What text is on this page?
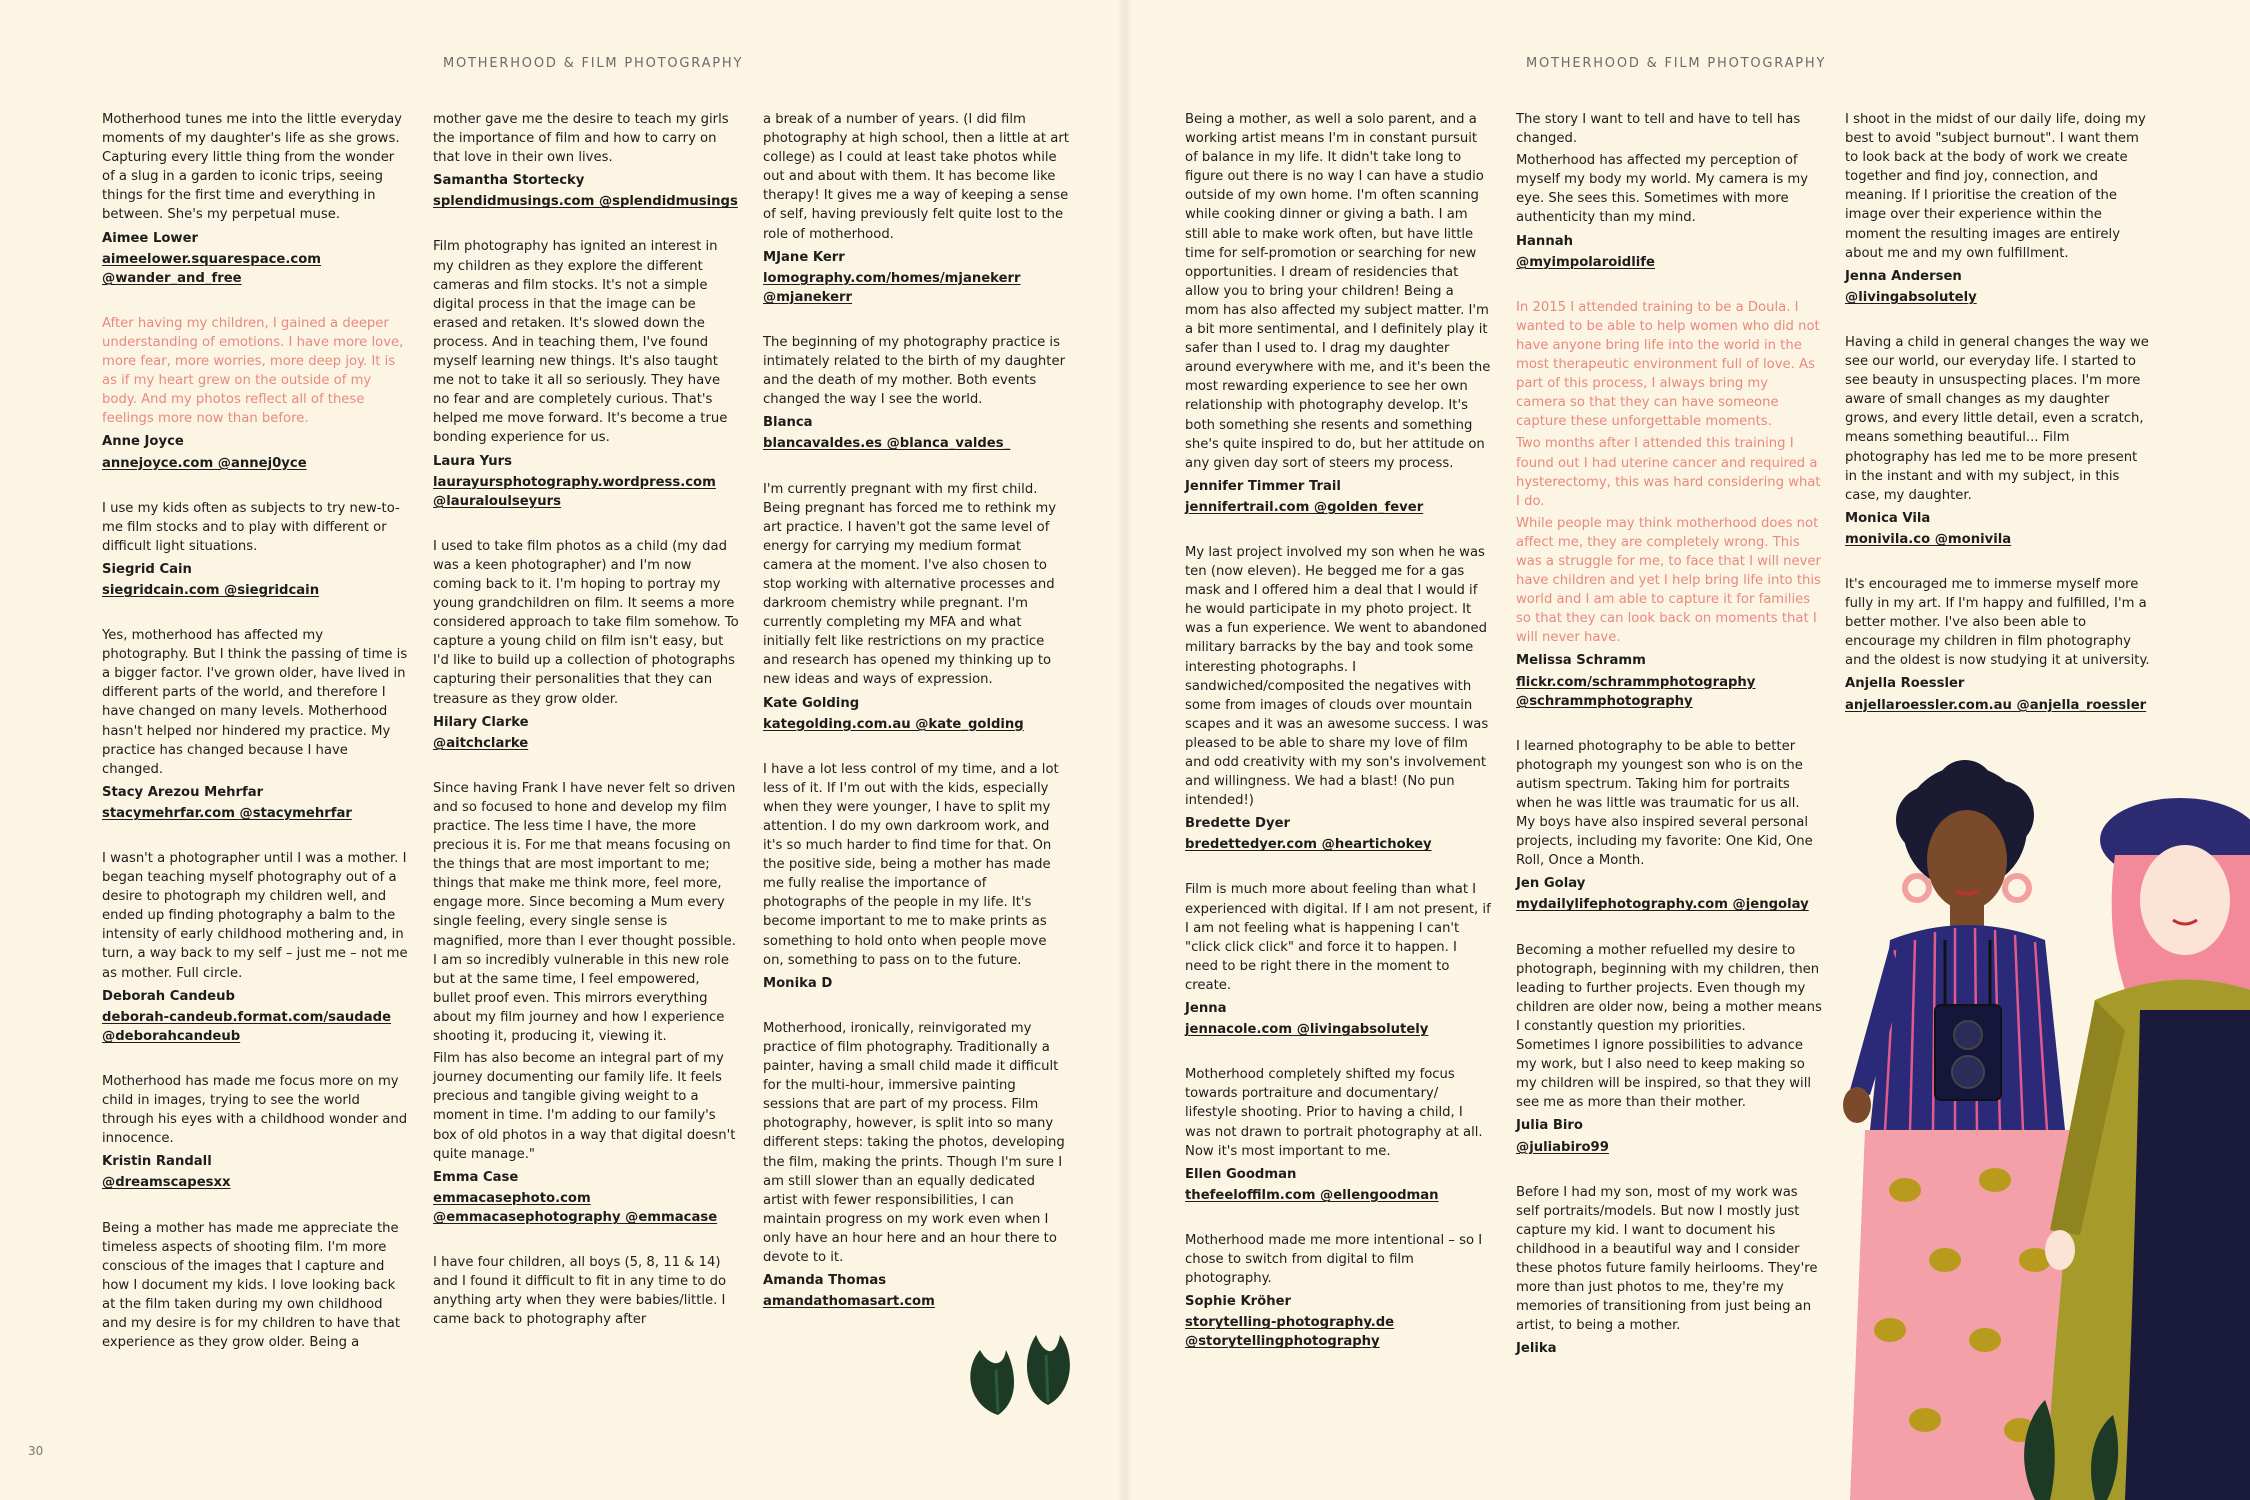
MOTHERHOOD & FILM PHOTOGRAPHY	MOTHERHOOD & FILM PHOTOGRAPHY
30

Motherhood tunes me into the little everyday moments of my daughter's life as she grows. Capturing every little thing from the wonder of a slug in a garden to iconic trips, seeing things for the first time and everything in between. She's my perpetual muse.

Aimee Lower
aimeelower.squarespace.com
@wander_and_free

After having my children, I gained a deeper understanding of emotions. I have more love, more fear, more worries, more deep joy. It is as if my heart grew on the outside of my body. And my photos reflect all of these feelings more now than before.

Anne Joyce
annejoyce.com @annej0yce

I use my kids often as subjects to try new-to-me film stocks and to play with different or difficult light situations.

Siegrid Cain
siegridcain.com @siegridcain

Yes, motherhood has affected my photography. But I think the passing of time is a bigger factor. I've grown older, have lived in different parts of the world, and therefore I have changed on many levels. Motherhood hasn't helped nor hindered my practice. My practice has changed because I have changed.

Stacy Arezou Mehrfar
stacymehrfar.com @stacymehrfar

I wasn't a photographer until I was a mother. I began teaching myself photography out of a desire to photograph my children well, and ended up finding photography a balm to the intensity of early childhood mothering and, in turn, a way back to my self – just me – not me as mother. Full circle.

Deborah Candeub
deborah-candeub.format.com/saudade
@deborahcandeub

Motherhood has made me focus more on my child in images, trying to see the world through his eyes with a childhood wonder and innocence.

Kristin Randall
@dreamscapesxx

Being a mother has made me appreciate the timeless aspects of shooting film. I'm more conscious of the images that I capture and how I document my kids. I love looking back at the film taken during my own childhood and my desire is for my children to have that experience as they grow older. Being a

mother gave me the desire to teach my girls the importance of film and how to carry on that love in their own lives.

Samantha Stortecky
splendidmusings.com @splendidmusings

Film photography has ignited an interest in my children as they explore the different cameras and film stocks. It's not a simple digital process in that the image can be erased and retaken. It's slowed down the process. And in teaching them, I've found myself learning new things. It's also taught me not to take it all so seriously. They have no fear and are completely curious. That's helped me move forward. It's become a true bonding experience for us.

Laura Yurs
laurayursphotography.wordpress.com
@lauraloulseyurs

I used to take film photos as a child (my dad was a keen photographer) and I'm now coming back to it. I'm hoping to portray my young grandchildren on film. It seems a more considered approach to take film somehow. To capture a young child on film isn't easy, but I'd like to build up a collection of photographs capturing their personalities that they can treasure as they grow older.

Hilary Clarke
@aitchclarke

Since having Frank I have never felt so driven and so focused to hone and develop my film practice. The less time I have, the more precious it is. For me that means focusing on the things that are most important to me; things that make me think more, feel more, engage more. Since becoming a Mum every single feeling, every single sense is magnified, more than I ever thought possible. I am so incredibly vulnerable in this new role but at the same time, I feel empowered, bullet proof even. This mirrors everything about my film journey and how I experience shooting it, producing it, viewing it.

Film has also become an integral part of my journey documenting our family life. It feels precious and tangible giving weight to a moment in time. I'm adding to our family's box of old photos in a way that digital doesn't quite manage."

Emma Case
emmacasephoto.com
@emmacasephotography @emmacase

I have four children, all boys (5, 8, 11 & 14) and I found it difficult to fit in any time to do anything arty when they were babies/little. I came back to photography after

a break of a number of years. (I did film photography at high school, then a little at art college) as I could at least take photos while out and about with them. It has become like therapy! It gives me a way of keeping a sense of self, having previously felt quite lost to the role of motherhood.

MJane Kerr
lomography.com/homes/mjanekerr
@mjanekerr

The beginning of my photography practice is intimately related to the birth of my daughter and the death of my mother. Both events changed the way I see the world.

Blanca
blancavaldes.es @blanca_valdes_

I'm currently pregnant with my first child. Being pregnant has forced me to rethink my art practice. I haven't got the same level of energy for carrying my medium format camera at the moment. I've also chosen to stop working with alternative processes and darkroom chemistry while pregnant. I'm currently completing my MFA and what initially felt like restrictions on my practice and research has opened my thinking up to new ideas and ways of expression.

Kate Golding
kategolding.com.au @kate_golding

I have a lot less control of my time, and a lot less of it. If I'm out with the kids, especially when they were younger, I have to split my attention. I do my own darkroom work, and it's so much harder to find time for that. On the positive side, being a mother has made me fully realise the importance of photographs of the people in my life. It's become important to me to make prints as something to hold onto when people move on, something to pass on to the future.

Monika D

Motherhood, ironically, reinvigorated my practice of film photography. Traditionally a painter, having a small child made it difficult for the multi-hour, immersive painting sessions that are part of my process. Film photography, however, is split into so many different steps: taking the photos, developing the film, making the prints. Though I'm sure I am still slower than an equally dedicated artist with fewer responsibilities, I can maintain progress on my work even when I only have an hour here and an hour there to devote to it.

Amanda Thomas
amandathomasart.com

Being a mother, as well a solo parent, and a working artist means I'm in constant pursuit of balance in my life. It didn't take long to figure out there is no way I can have a studio outside of my own home. I'm often scanning while cooking dinner or giving a bath. I am still able to make work often, but have little time for self-promotion or searching for new opportunities. I dream of residencies that allow you to bring your children! Being a mom has also affected my subject matter. I'm a bit more sentimental, and I definitely play it safer than I used to. I drag my daughter around everywhere with me, and it's been the most rewarding experience to see her own relationship with photography develop. It's both something she resents and something she's quite inspired to do, but her attitude on any given day sort of steers my process.

Jennifer Timmer Trail
jennifertrail.com @golden_fever

My last project involved my son when he was ten (now eleven). He begged me for a gas mask and I offered him a deal that I would if he would participate in my photo project. It was a fun experience. We went to abandoned military barracks by the bay and took some interesting photographs. I sandwiched/composited the negatives with some from images of clouds over mountain scapes and it was an awesome success. I was pleased to be able to share my love of film and odd creativity with my son's involvement and willingness. We had a blast! (No pun intended!)

Bredette Dyer
bredettedyer.com @heartichokey

Film is much more about feeling than what I experienced with digital. If I am not present, if I am not feeling what is happening I can't "click click click" and force it to happen. I need to be right there in the moment to create.

Jenna
jennacole.com @livingabsolutely

Motherhood completely shifted my focus towards portraiture and documentary/ lifestyle shooting. Prior to having a child, I was not drawn to portrait photography at all. Now it's most important to me.

Ellen Goodman
thefeeloffilm.com @ellengoodman

Motherhood made me more intentional – so I chose to switch from digital to film photography.

Sophie Kröher
storytelling-photography.de
@storytellingphotography

The story I want to tell and have to tell has changed.

Motherhood has affected my perception of myself my body my world. My camera is my eye. She sees this. Sometimes with more authenticity than my mind.

Hannah
@myimpolaroidlife

In 2015 I attended training to be a Doula. I wanted to be able to help women who did not have anyone bring life into the world in the most therapeutic environment full of love. As part of this process, I always bring my camera so that they can have someone capture these unforgettable moments.

Two months after I attended this training I found out I had uterine cancer and required a hysterectomy, this was hard considering what I do.

While people may think motherhood does not affect me, they are completely wrong. This was a struggle for me, to face that I will never have children and yet I help bring life into this world and I am able to capture it for families so that they can look back on moments that I will never have.

Melissa Schramm
flickr.com/schrammphotography
@schrammphotography

I learned photography to be able to better photograph my youngest son who is on the autism spectrum. Taking him for portraits when he was little was traumatic for us all. My boys have also inspired several personal projects, including my favorite: One Kid, One Roll, Once a Month.

Jen Golay
mydailylifephotography.com @jengolay

Becoming a mother refuelled my desire to photograph, beginning with my children, then leading to further projects. Even though my children are older now, being a mother means I constantly question my priorities. Sometimes I ignore possibilities to advance my work, but I also need to keep making so my children will be inspired, so that they will see me as more than their mother.

Julia Biro
@juliabiro99

Before I had my son, most of my work was self portraits/models. But now I mostly just capture my kid. I want to document his childhood in a beautiful way and I consider these photos future family heirlooms. They're more than just photos to me, they're my memories of transitioning from just being an artist, to being a mother.

Jelika

I shoot in the midst of our daily life, doing my best to avoid "subject burnout". I want them to look back at the body of work we create together and find joy, connection, and meaning. If I prioritise the creation of the image over their experience within the moment the resulting images are entirely about me and my own fulfillment.

Jenna Andersen
@livingabsolutely

Having a child in general changes the way we see our world, our everyday life. I started to see beauty in unsuspecting places. I'm more aware of small changes as my daughter grows, and every little detail, even a scratch, means something beautiful... Film photography has led me to be more present in the instant and with my subject, in this case, my daughter.

Monica Vila
monivila.co @monivila

It's encouraged me to immerse myself more fully in my art. If I'm happy and fulfilled, I'm a better mother. I've also been able to encourage my children in film photography and the oldest is now studying it at university.

Anjella Roessler
anjellaroessler.com.au @anjella_roessler
